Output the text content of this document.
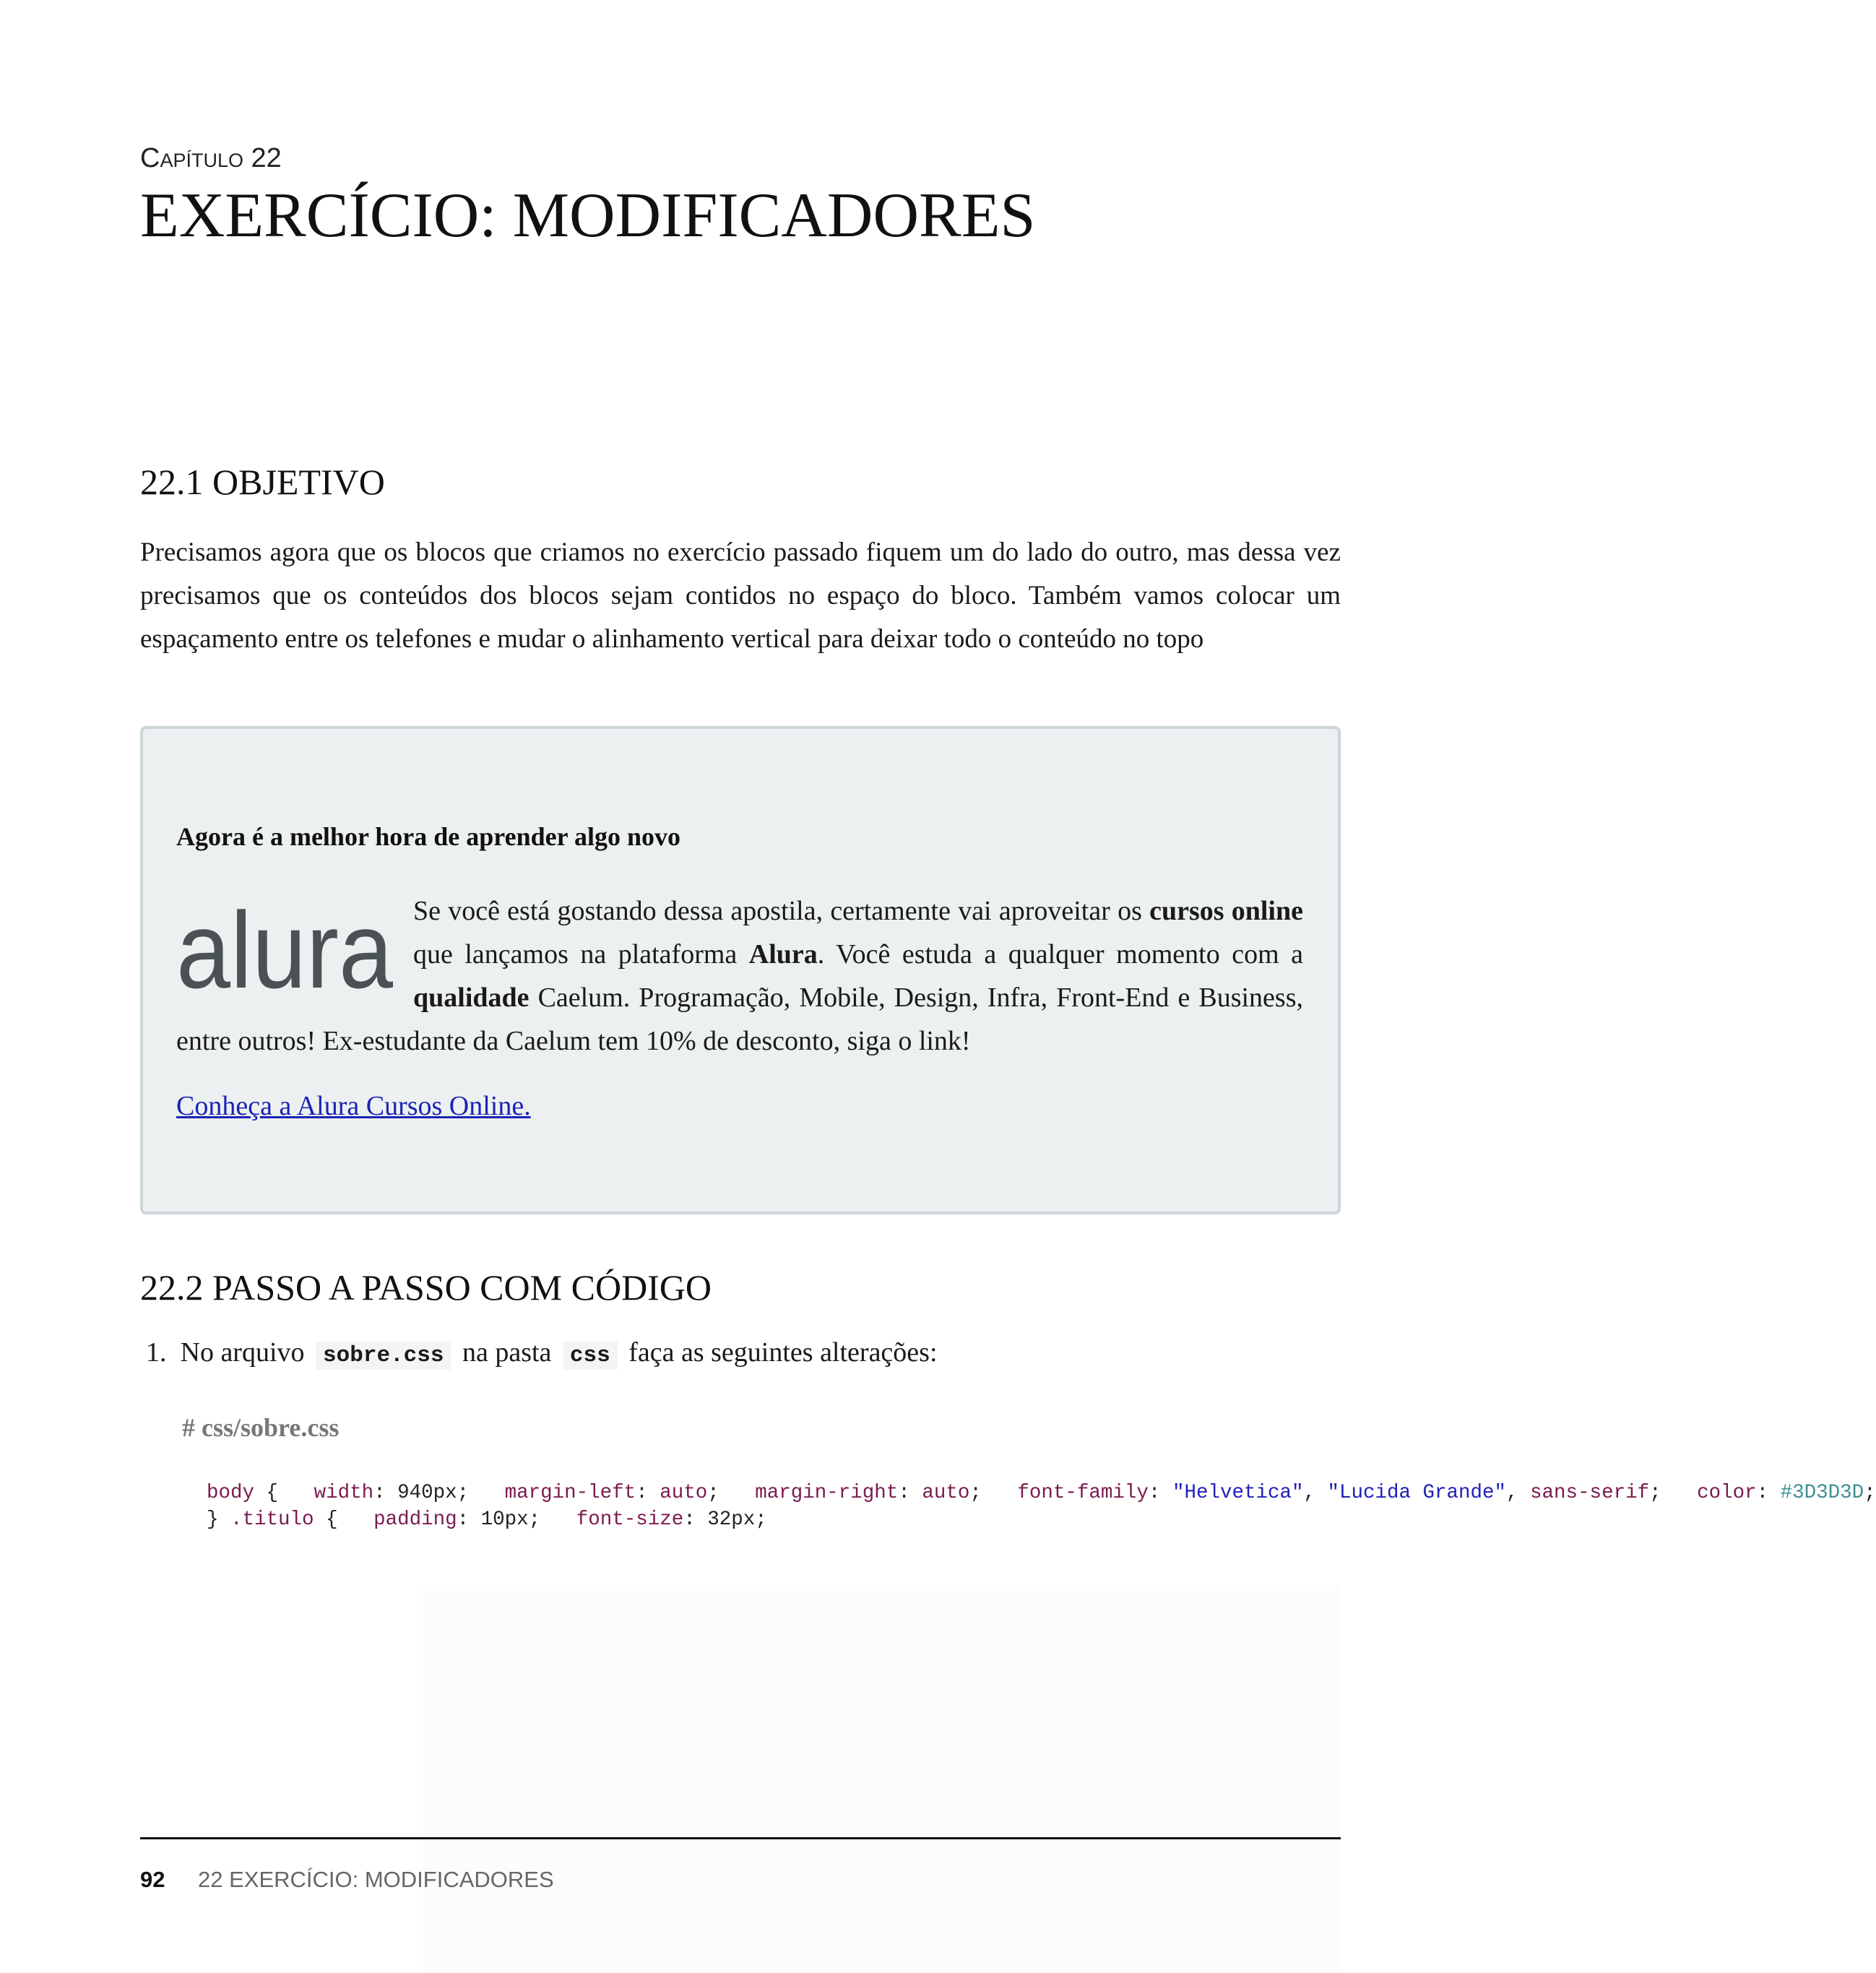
Capítulo 22
EXERCÍCIO: MODIFICADORES
22.1 OBJETIVO
Precisamos agora que os blocos que criamos no exercício passado fiquem um do lado do outro, mas dessa vez precisamos que os conteúdos dos blocos sejam contidos no espaço do bloco. Também vamos colocar um espaçamento entre os telefones e mudar o alinhamento vertical para deixar todo o conteúdo no topo
Agora é a melhor hora de aprender algo novo
alura Se você está gostando dessa apostila, certamente vai aproveitar os cursos online que lançamos na plataforma Alura. Você estuda a qualquer momento com a qualidade Caelum. Programação, Mobile, Design, Infra, Front-End e Business, entre outros! Ex-estudante da Caelum tem 10% de desconto, siga o link!
Conheça a Alura Cursos Online.
22.2 PASSO A PASSO COM CÓDIGO
1. No arquivo sobre.css na pasta css faça as seguintes alterações:
# css/sobre.css
body { width: 940px; margin-left: auto; margin-right: auto; font-family: "Helvetica", "Lucida Grande", sans-serif; color: #3D3D3D; } .titulo { padding: 10px; font-size: 32px;
92 22 EXERCÍCIO: MODIFICADORES
